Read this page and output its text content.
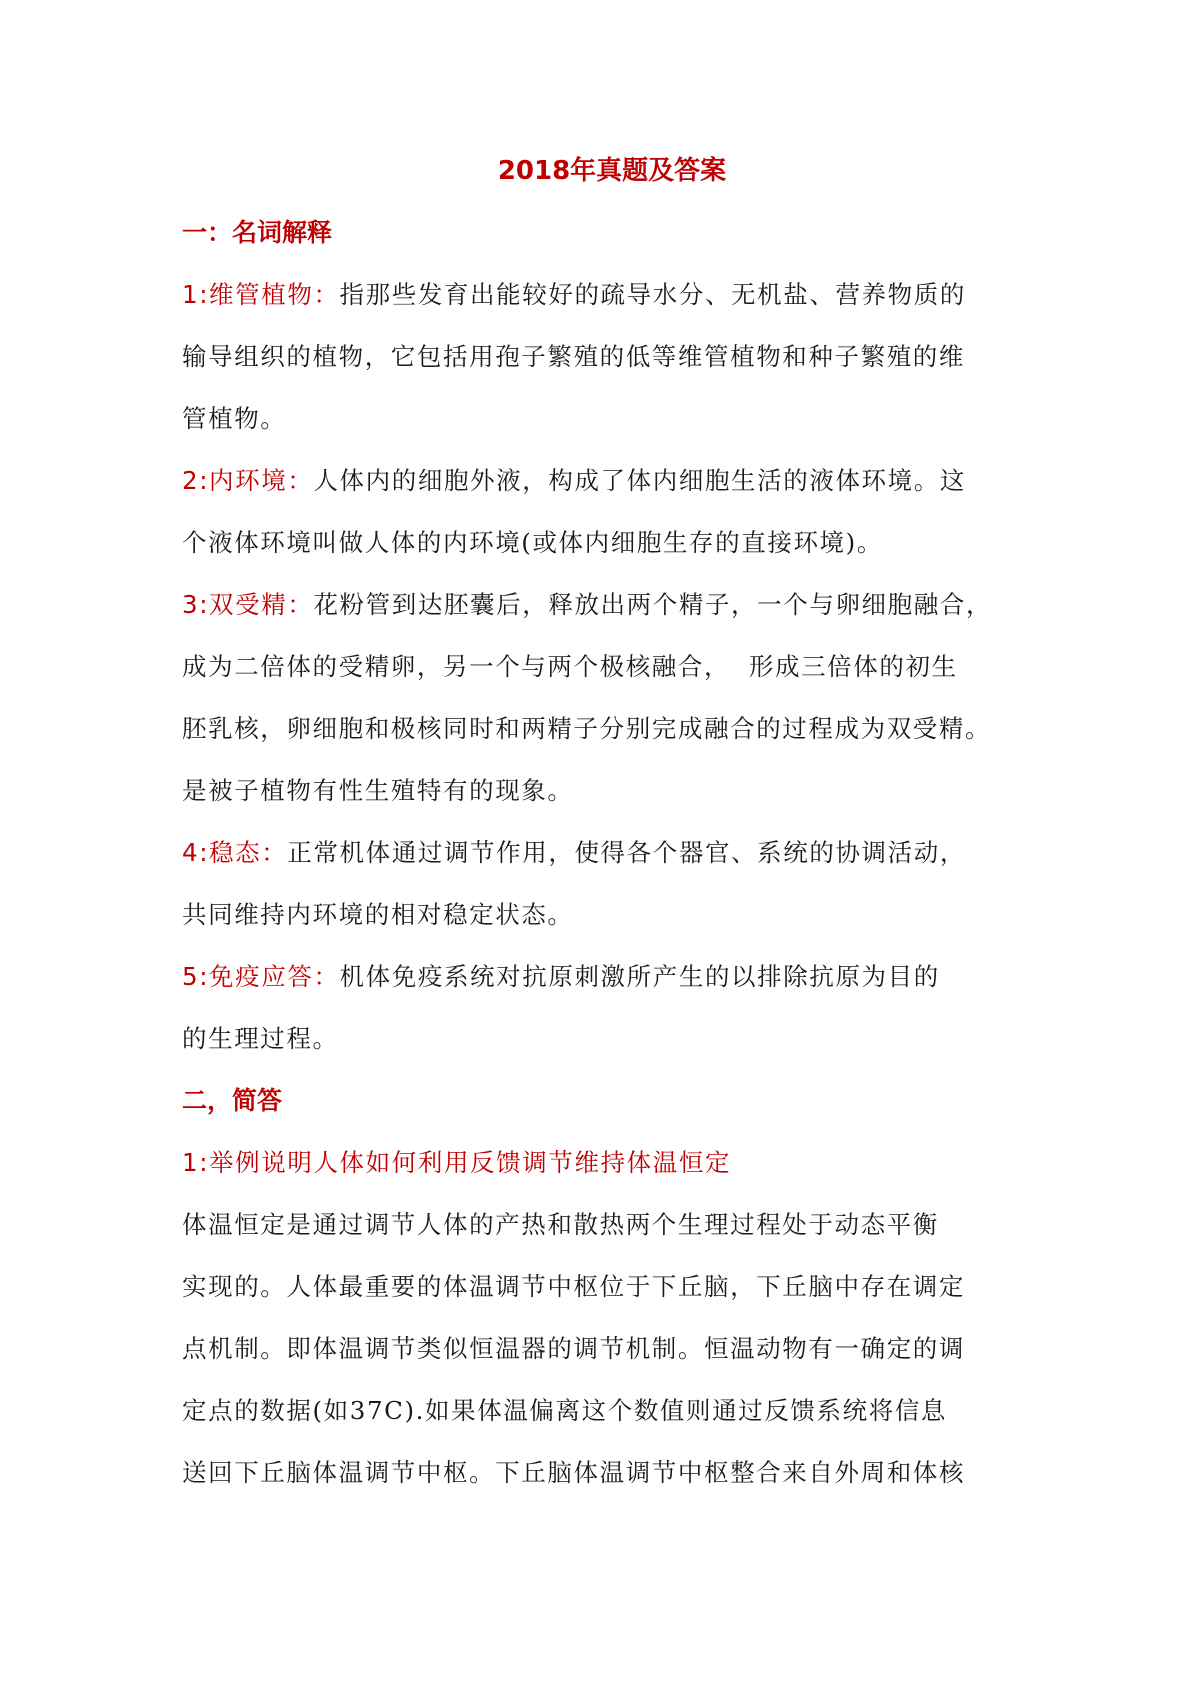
2018年真题及答案
一：名词解释

1:维管植物：指那些发育出能较好的疏导水分、无机盐、营养物质的
输导组织的植物，它包括用孢子繁殖的低等维管植物和种子繁殖的维
管植物。

2:内环境：人体内的细胞外液，构成了体内细胞生活的液体环境。这
个液体环境叫做人体的内环境(或体内细胞生存的直接环境)。

3:双受精：花粉管到达胚囊后，释放出两个精子，一个与卵细胞融合，
成为二倍体的受精卵，另一个与两个极核融合，  形成三倍体的初生
胚乳核，卵细胞和极核同时和两精子分别完成融合的过程成为双受精。
是被子植物有性生殖特有的现象。

4:稳态：正常机体通过调节作用，使得各个器官、系统的协调活动，
共同维持内环境的相对稳定状态。

5:免疫应答：机体免疫系统对抗原刺激所产生的以排除抗原为目的
的生理过程。

二，简答
1:举例说明人体如何利用反馈调节维持体温恒定

体温恒定是通过调节人体的产热和散热两个生理过程处于动态平衡
实现的。人体最重要的体温调节中枢位于下丘脑，下丘脑中存在调定
点机制。即体温调节类似恒温器的调节机制。恒温动物有一确定的调
定点的数据(如37C).如果体温偏离这个数值则通过反馈系统将信息
送回下丘脑体温调节中枢。下丘脑体温调节中枢整合来自外周和体核
